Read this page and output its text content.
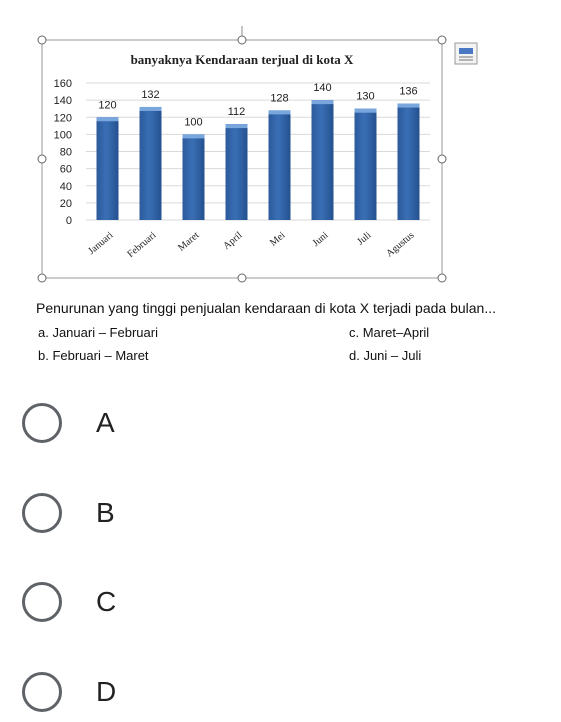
banyaknya Kendaraan terjual di kota X
0
20
40
60
80
100
120
140
160
120
132
100
112
128
140
130 136
Januari Februari Maret April Mei Juni Juli Agustus
Penurunan yang tinggi penjualan kendaraan di kota X terjadi pada bulan...
a. Januari – Februari	c. Maret–April
b. Februari – Maret	d. Juni – Juli
A
B
C
D
